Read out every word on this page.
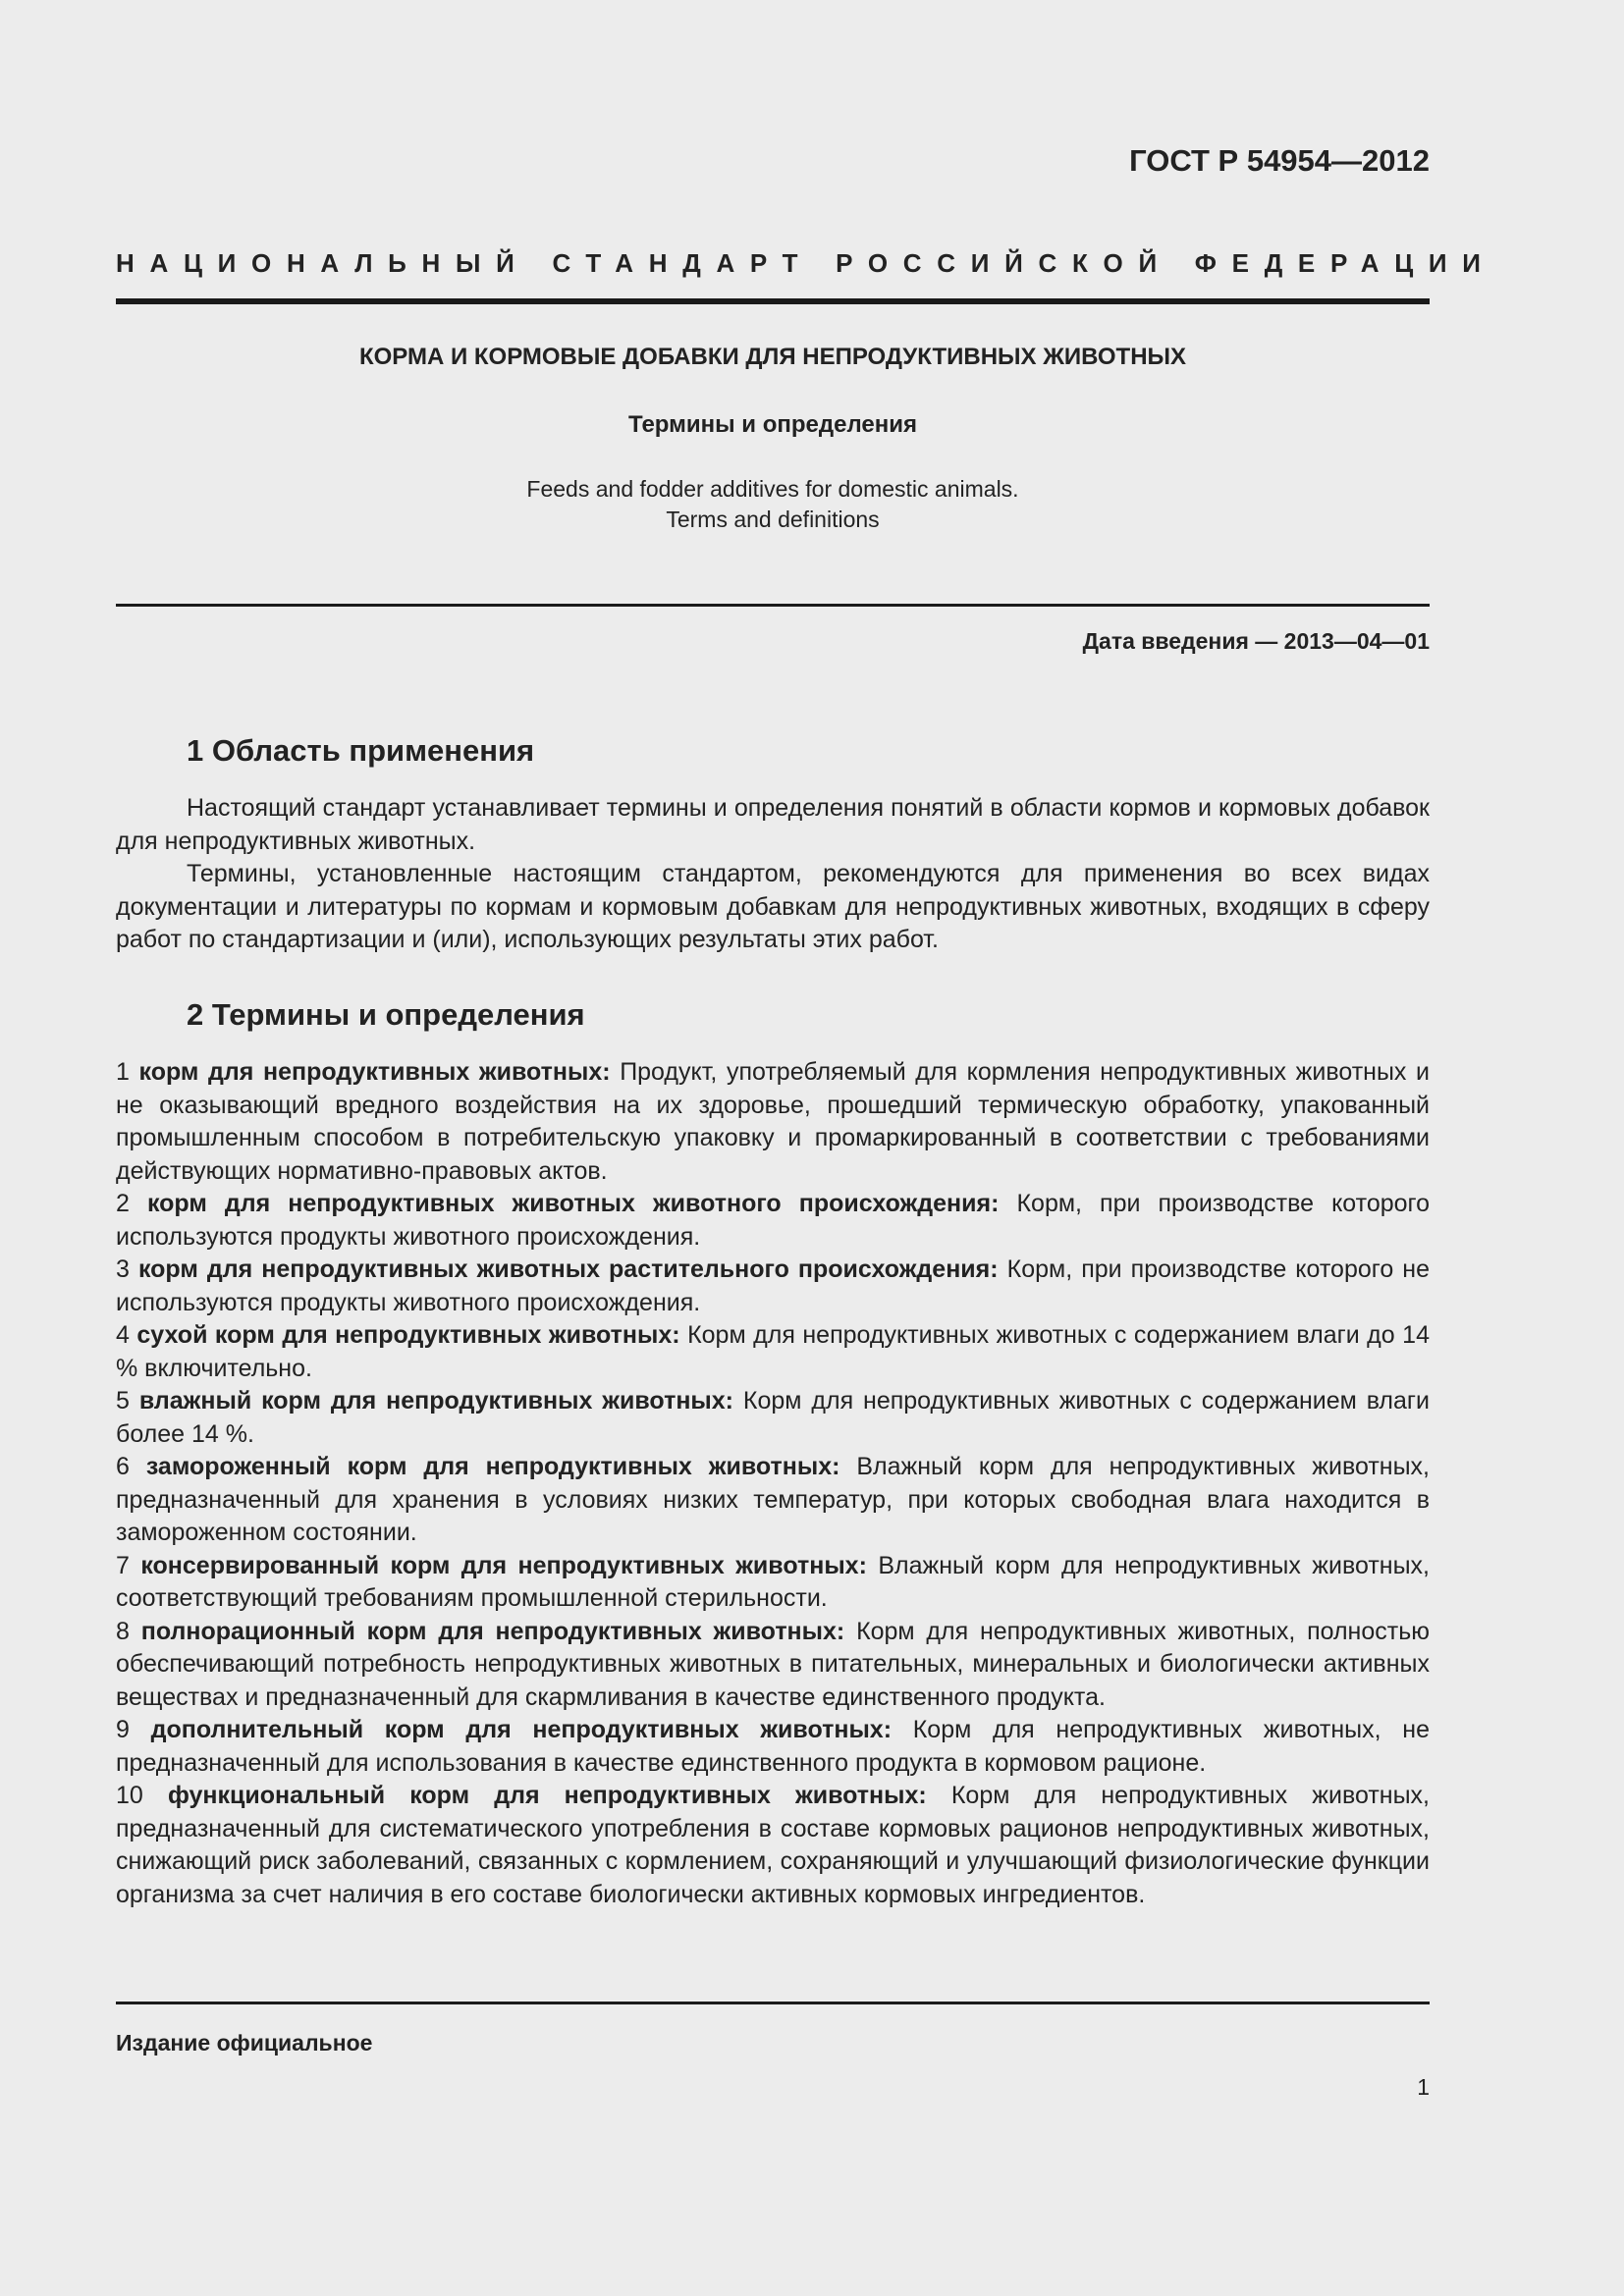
ГОСТ Р 54954—2012
НАЦИОНАЛЬНЫЙ СТАНДАРТ РОССИЙСКОЙ ФЕДЕРАЦИИ
КОРМА И КОРМОВЫЕ ДОБАВКИ ДЛЯ НЕПРОДУКТИВНЫХ ЖИВОТНЫХ
Термины и определения
Feeds and fodder additives for domestic animals.
Terms and definitions
Дата введения — 2013—04—01
1 Область применения
Настоящий стандарт устанавливает термины и определения понятий в области кормов и кормовых добавок для непродуктивных животных.
Термины, установленные настоящим стандартом, рекомендуются для применения во всех видах документации и литературы по кормам и кормовым добавкам для непродуктивных животных, входящих в сферу работ по стандартизации и (или), использующих результаты этих работ.
2 Термины и определения

1 корм для непродуктивных животных: Продукт, употребляемый для кормления непродуктивных животных и не оказывающий вредного воздействия на их здоровье, прошедший термическую обработку, упакованный промышленным способом в потребительскую упаковку и промаркированный в соответствии с требованиями действующих нормативно-правовых актов.

2 корм для непродуктивных животных животного происхождения: Корм, при производстве которого используются продукты животного происхождения.

3 корм для непродуктивных животных растительного происхождения: Корм, при производстве которого не используются продукты животного происхождения.

4 сухой корм для непродуктивных животных: Корм для непродуктивных животных с содержанием влаги до 14 % включительно.

5 влажный корм для непродуктивных животных: Корм для непродуктивных животных с содержанием влаги более 14 %.

6 замороженный корм для непродуктивных животных: Влажный корм для непродуктивных животных, предназначенный для хранения в условиях низких температур, при которых свободная влага находится в замороженном состоянии.

7 консервированный корм для непродуктивных животных: Влажный корм для непродуктивных животных, соответствующий требованиям промышленной стерильности.

8 полнорационный корм для непродуктивных животных: Корм для непродуктивных животных, полностью обеспечивающий потребность непродуктивных животных в питательных, минеральных и биологически активных веществах и предназначенный для скармливания в качестве единственного продукта.

9 дополнительный корм для непродуктивных животных: Корм для непродуктивных животных, не предназначенный для использования в качестве единственного продукта в кормовом рационе.

10 функциональный корм для непродуктивных животных: Корм для непродуктивных животных, предназначенный для систематического употребления в составе кормовых рационов непродуктивных животных, снижающий риск заболеваний, связанных с кормлением, сохраняющий и улучшающий физиологические функции организма за счет наличия в его составе биологически активных кормовых ингредиентов.

Издание официальное
1
